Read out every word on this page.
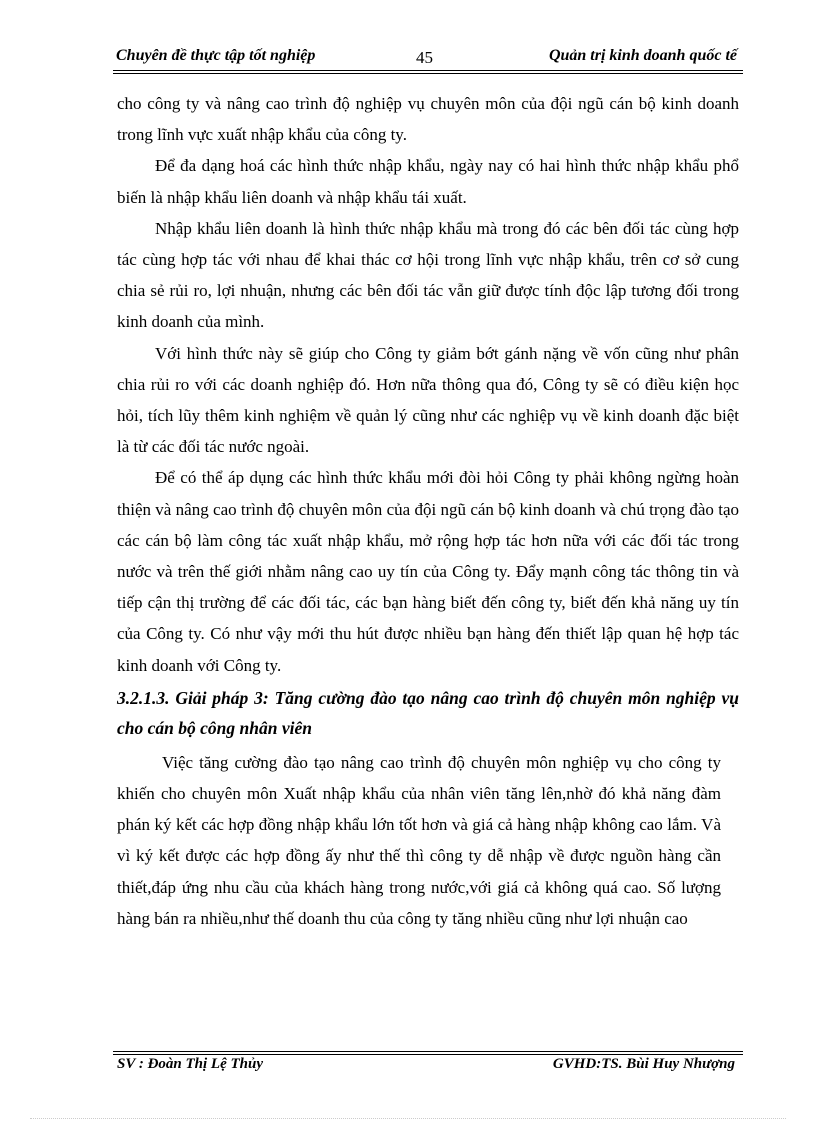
Chuyên đề thực tập tốt nghiệp	45	Quản trị kinh doanh quốc tế

cho công ty và nâng cao trình độ nghiệp vụ chuyên môn của đội ngũ cán bộ kinh doanh trong lĩnh vực xuất nhập khẩu của công ty.

Để đa dạng hoá các hình thức nhập khẩu, ngày nay có hai hình thức nhập khẩu phổ biến là nhập khẩu liên doanh và nhập khẩu tái xuất.

Nhập khẩu liên doanh là hình thức nhập khẩu mà trong đó các bên đối tác cùng hợp tác cùng hợp tác với nhau để khai thác cơ hội trong lĩnh vực nhập khẩu, trên cơ sở cung chia sẻ rủi ro, lợi nhuận, nhưng các bên đối tác vẫn giữ được tính độc lập tương đối trong kinh doanh của mình.

Với hình thức này sẽ giúp cho Công ty giảm bớt gánh nặng về vốn cũng như phân chia rủi ro với các doanh nghiệp đó. Hơn nữa thông qua đó, Công ty sẽ có điều kiện học hỏi, tích lũy thêm kinh nghiệm về quản lý cũng như các nghiệp vụ về kinh doanh đặc biệt là từ các đối tác nước ngoài.

Để có thể áp dụng các hình thức khẩu mới đòi hỏi Công ty phải không ngừng hoàn thiện và nâng cao trình độ chuyên môn của đội ngũ cán bộ kinh doanh và chú trọng đào tạo các cán bộ làm công tác xuất nhập khẩu, mở rộng hợp tác hơn nữa với các đối tác trong nước và trên thế giới nhằm nâng cao uy tín của Công ty. Đẩy mạnh công tác thông tin và tiếp cận thị trường để các đối tác, các bạn hàng biết đến công ty, biết đến khả năng uy tín của Công ty. Có như vậy mới thu hút được nhiều bạn hàng đến thiết lập quan hệ hợp tác kinh doanh với Công ty.

3.2.1.3. Giải pháp 3: Tăng cường đào tạo nâng cao trình độ chuyên môn nghiệp vụ cho cán bộ công nhân viên

Việc tăng cường đào tạo nâng cao trình độ chuyên môn nghiệp vụ cho công ty khiến cho chuyên môn Xuất nhập khẩu của nhân viên tăng lên,nhờ đó khả năng đàm phán ký kết các hợp đồng nhập khẩu lớn tốt hơn và giá cả hàng nhập không cao lắm. Và vì ký kết được các hợp đồng ấy như thế thì công ty dễ nhập về được nguồn hàng cần thiết,đáp ứng nhu cầu của khách hàng trong nước,với giá cả không quá cao. Số lượng hàng bán ra nhiều,như thế doanh thu của công ty tăng nhiều cũng như lợi nhuận cao

SV : Đoàn Thị Lệ Thủy	GVHD:TS. Bùi Huy Nhượng
